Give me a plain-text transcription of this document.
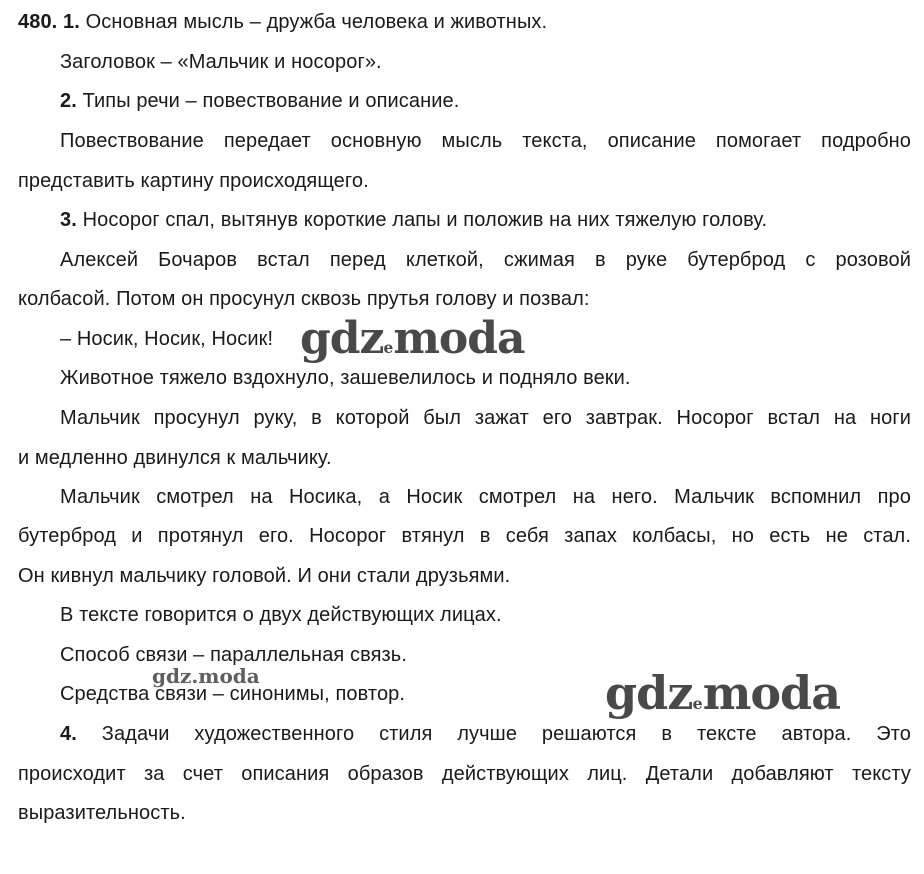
480. 1. Основная мысль – дружба человека и животных.
Заголовок – «Мальчик и носорог».
2. Типы речи – повествование и описание.
Повествование передает основную мысль текста, описание помогает подробно
представить картину происходящего.
3. Носорог спал, вытянув короткие лапы и положив на них тяжелую голову.
Алексей Бочаров встал перед клеткой, сжимая в руке бутерброд с розовой
колбасой. Потом он просунул сквозь прутья голову и позвал:
– Носик, Носик, Носик!
Животное тяжело вздохнуло, зашевелилось и подняло веки.
Мальчик просунул руку, в которой был зажат его завтрак. Носорог встал на ноги
и медленно двинулся к мальчику.
Мальчик смотрел на Носика, а Носик смотрел на него. Мальчик вспомнил про
бутерброд и протянул его. Носорог втянул в себя запах колбасы, но есть не стал.
Он кивнул мальчику головой. И они стали друзьями.
В тексте говорится о двух действующих лицах.
Способ связи – параллельная связь.
Средства связи – синонимы, повтор.
4. Задачи художественного стиля лучше решаются в тексте автора. Это
происходит за счет описания образов действующих лиц. Детали добавляют тексту
выразительность.
gdzemoda
gdzemoda
gdz.moda
